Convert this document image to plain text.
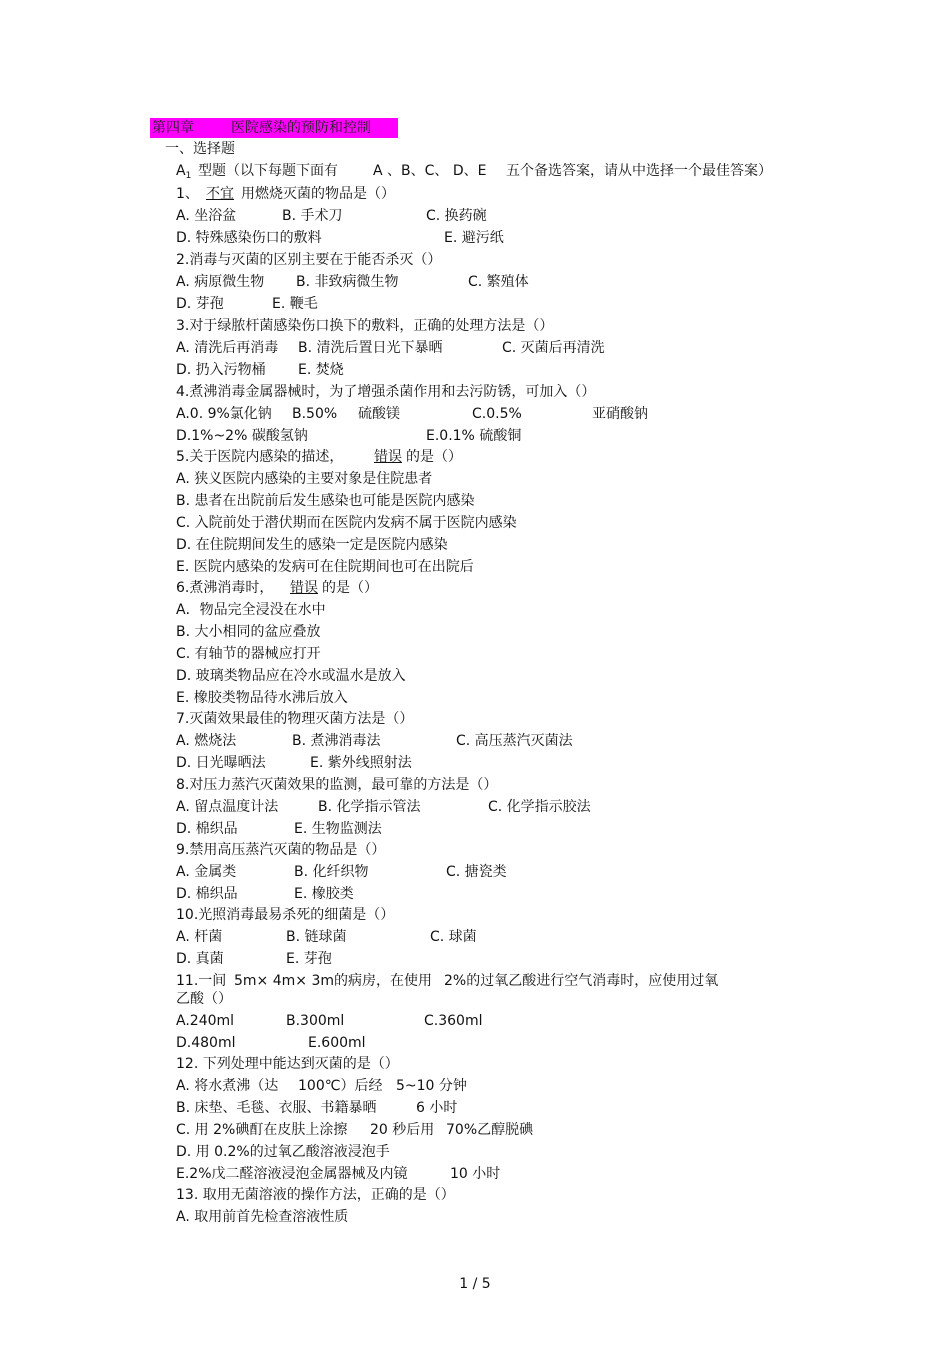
第四章	医院感染的预防和控制
一、选择题
$A_1$ 型题（以下每题下面有	A 、B、C、 D、E 五个备选答案，请从中选择一个最佳答案）
1、 不宜 用燃烧灭菌的物品是（）
A. 坐浴盆	B. 手术刀	C. 换药碗
D. 特殊感染伤口的敷料	E. 避污纸
2.消毒与灭菌的区别主要在于能否杀灭（）
A. 病原微生物 B. 非致病微生物	C. 繁殖体
D. 芽孢	E. 鞭毛
3.对于绿脓杆菌感染伤口换下的敷料，正确的处理方法是（）
A. 清洗后再消毒 B. 清洗后置日光下暴晒	C. 灭菌后再清洗
D. 扔入污物桶 E. 焚烧
4.煮沸消毒金属器械时，为了增强杀菌作用和去污防锈，可加入（）
A.0. 9%氯化钠 B.50% 硫酸镁	C.0.5%	亚硝酸钠
D.1%~2% 碳酸氢钠	E.0.1% 硫酸铜
5.关于医院内感染的描述， 错误 的是（）
A. 狭义医院内感染的主要对象是住院患者
B. 患者在出院前后发生感染也可能是医院内感染
C. 入院前处于潜伏期而在医院内发病不属于医院内感染
D. 在住院期间发生的感染一定是医院内感染
E. 医院内感染的发病可在住院期间也可在出院后
6.煮沸消毒时， 错误 的是（）
A．物品完全浸没在水中
B. 大小相同的盆应叠放
C. 有轴节的器械应打开
D. 玻璃类物品应在冷水或温水是放入
E. 橡胶类物品待水沸后放入
7.灭菌效果最佳的物理灭菌方法是（）
A. 燃烧法	B. 煮沸消毒法	C. 高压蒸汽灭菌法
D. 日光曝晒法	E. 紫外线照射法
8.对压力蒸汽灭菌效果的监测，最可靠的方法是（）
A. 留点温度计法	B. 化学指示管法	C. 化学指示胶法
D. 棉织品	E. 生物监测法
9.禁用高压蒸汽灭菌的物品是（）
A. 金属类	B. 化纤织物	C. 搪瓷类
D. 棉织品	E. 橡胶类
10.光照消毒最易杀死的细菌是（）
A. 杆菌	B. 链球菌	C. 球菌
D. 真菌	E. 芽孢
11.一间 5m× 4m× 3m的病房，在使用 2%的过氧乙酸进行空气消毒时，应使用过氧
乙酸（）
A.240ml	B.300ml	C.360ml
D.480ml	E.600ml
12. 下列处理中能达到灭菌的是（）
A. 将水煮沸（达 100℃）后经 5~10 分钟
B. 床垫、毛毯、衣服、书籍暴晒	6 小时
C. 用 2%碘酊在皮肤上涂擦 20 秒后用 70%乙醇脱碘
D. 用 0.2%的过氧乙酸溶液浸泡手
E.2%戊二醛溶液浸泡金属器械及内镜	10 小时
13. 取用无菌溶液的操作方法，正确的是（）
A. 取用前首先检查溶液性质
1 / 5
